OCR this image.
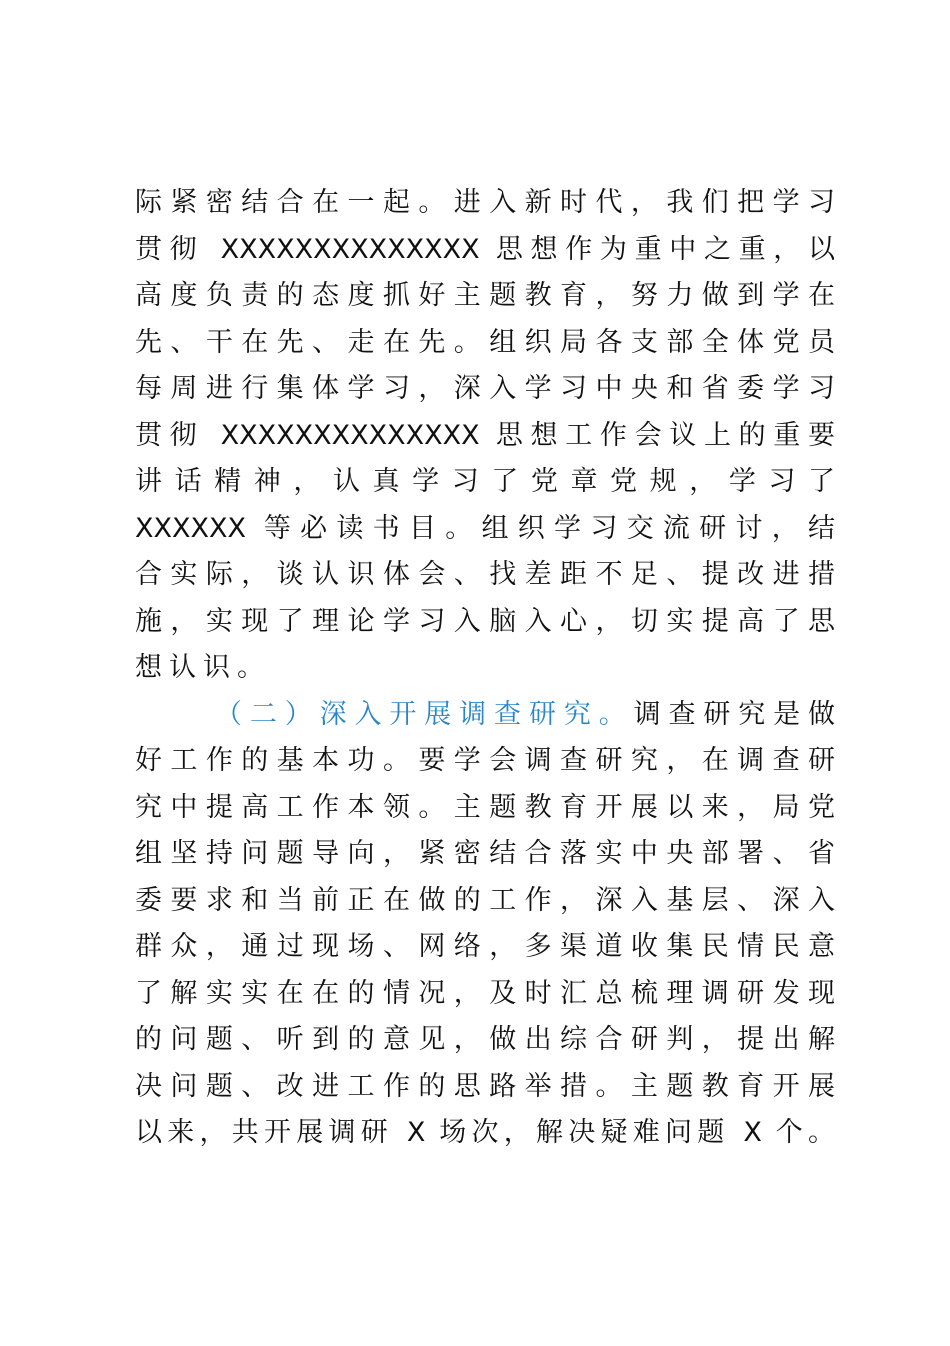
际紧密结合在一起。进入新时代，我们把学习
贯彻 XXXXXXXXXXXXXX 思想作为重中之重，以
高度负责的态度抓好主题教育，努力做到学在
先、干在先、走在先。组织局各支部全体党员
每周进行集体学习，深入学习中央和省委学习
贯彻 XXXXXXXXXXXXXX 思想工作会议上的重要
讲话精神，认真学习了党章党规，学习了
XXXXXX 等必读书目。组织学习交流研讨，结
合实际，谈认识体会、找差距不足、提改进措
施，实现了理论学习入脑入心，切实提高了思
想认识。
（二）深入开展调查研究。调查研究是做
好工作的基本功。要学会调查研究，在调查研
究中提高工作本领。主题教育开展以来，局党
组坚持问题导向，紧密结合落实中央部署、省
委要求和当前正在做的工作，深入基层、深入
群众，通过现场、网络，多渠道收集民情民意
了解实实在在的情况，及时汇总梳理调研发现
的问题、听到的意见，做出综合研判，提出解
决问题、改进工作的思路举措。主题教育开展
以来，共开展调研 X 场次，解决疑难问题 X 个。
